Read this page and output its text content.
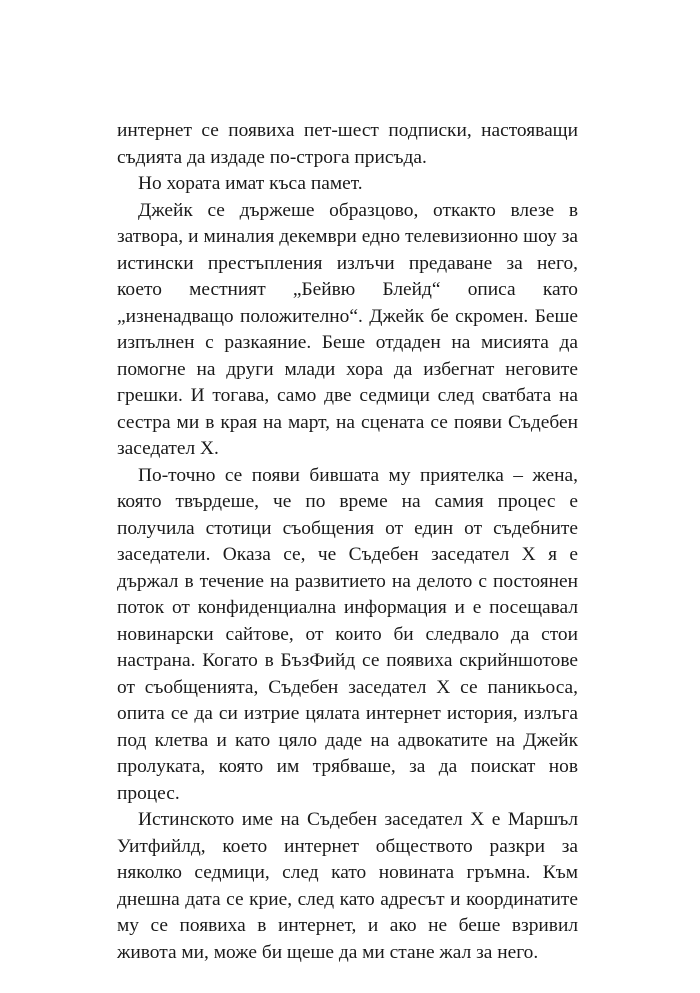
интернет се появиха пет-шест подписки, настояващи съдията да издаде по-строга присъда.

Но хората имат къса памет.

Джейк се държеше образцово, откакто влезе в затвора, и миналия декември едно телевизионно шоу за истински престъпления излъчи предаване за него, което местният „Бейвю Блейд“ описа като „изненадващо положително“. Джейк бе скромен. Беше изпълнен с разкаяние. Беше отдаден на мисията да помогне на други млади хора да избегнат неговите грешки. И тогава, само две седмици след сватбата на сестра ми в края на март, на сцената се появи Съдебен заседател X.

По-точно се появи бившата му приятелка – жена, която твърдеше, че по време на самия процес е получила стотици съобщения от един от съдебните заседатели. Оказа се, че Съдебен заседател X я е държал в течение на развитието на делото с постоянен поток от конфиденциална информация и е посещавал новинарски сайтове, от които би следвало да стои настрана. Когато в БъзФийд се появиха скрийншотове от съобщенията, Съдебен заседател X се паникьоса, опита се да си изтрие цялата интернет история, излъга под клетва и като цяло даде на адвокатите на Джейк пролуката, която им трябваше, за да поискат нов процес.

Истинското име на Съдебен заседател X е Маршъл Уитфийлд, което интернет обществото разкри за няколко седмици, след като новината гръмна. Към днешна дата се крие, след като адресът и координатите му се появиха в интернет, и ако не беше взривил живота ми, може би щеше да ми стане жал за него.
